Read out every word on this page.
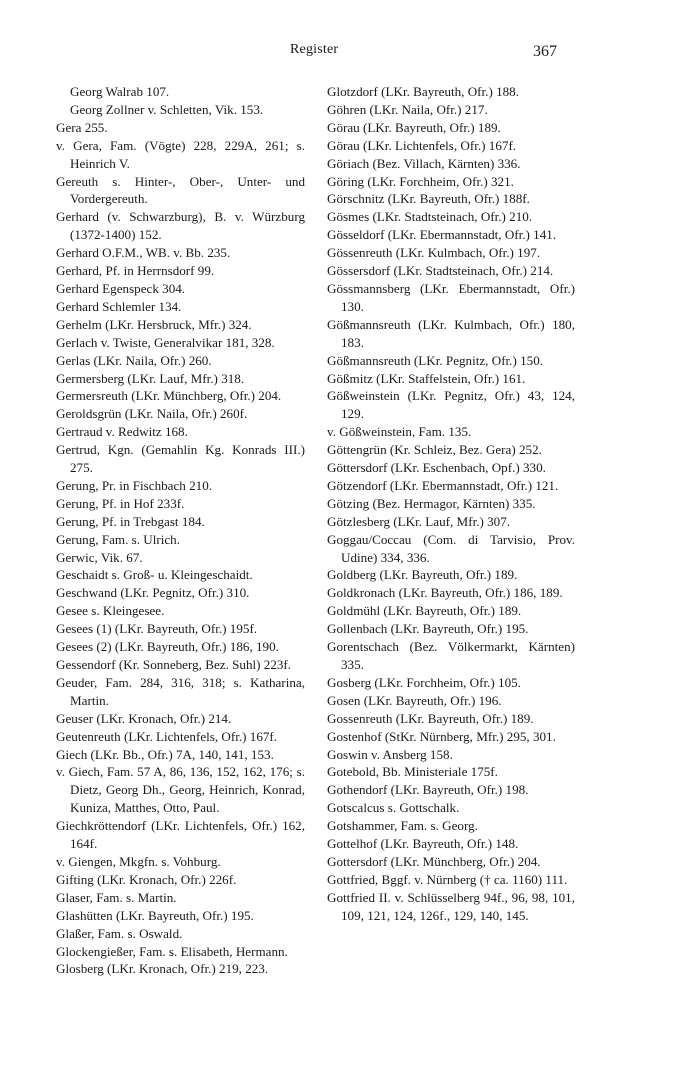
Register	367
Georg Walrab 107.
Georg Zollner v. Schletten, Vik. 153.
Gera 255.
v. Gera, Fam. (Vögte) 228, 229A, 261; s. Heinrich V.
Gereuth s. Hinter-, Ober-, Unter- und Vordergereuth.
Gerhard (v. Schwarzburg), B. v. Würzburg (1372-1400) 152.
Gerhard O.F.M., WB. v. Bb. 235.
Gerhard, Pf. in Herrnsdorf 99.
Gerhard Egenspeck 304.
Gerhard Schlemler 134.
Gerhelm (LKr. Hersbruck, Mfr.) 324.
Gerlach v. Twiste, Generalvikar 181, 328.
Gerlas (LKr. Naila, Ofr.) 260.
Germersberg (LKr. Lauf, Mfr.) 318.
Germersreuth (LKr. Münchberg, Ofr.) 204.
Geroldsgrün (LKr. Naila, Ofr.) 260f.
Gertraud v. Redwitz 168.
Gertrud, Kgn. (Gemahlin Kg. Konrads III.) 275.
Gerung, Pr. in Fischbach 210.
Gerung, Pf. in Hof 233f.
Gerung, Pf. in Trebgast 184.
Gerung, Fam. s. Ulrich.
Gerwic, Vik. 67.
Geschaidt s. Groß- u. Kleingeschaidt.
Geschwand (LKr. Pegnitz, Ofr.) 310.
Gesee s. Kleingesee.
Gesees (1) (LKr. Bayreuth, Ofr.) 195f.
Gesees (2) (LKr. Bayreuth, Ofr.) 186, 190.
Gessendorf (Kr. Sonneberg, Bez. Suhl) 223f.
Geuder, Fam. 284, 316, 318; s. Katharina, Martin.
Geuser (LKr. Kronach, Ofr.) 214.
Geutenreuth (LKr. Lichtenfels, Ofr.) 167f.
Giech (LKr. Bb., Ofr.) 7A, 140, 141, 153.
v. Giech, Fam. 57 A, 86, 136, 152, 162, 176; s. Dietz, Georg Dh., Georg, Heinrich, Konrad, Kuniza, Matthes, Otto, Paul.
Giechkröttendorf (LKr. Lichtenfels, Ofr.) 162, 164f.
v. Giengen, Mkgfn. s. Vohburg.
Gifting (LKr. Kronach, Ofr.) 226f.
Glaser, Fam. s. Martin.
Glashütten (LKr. Bayreuth, Ofr.) 195.
Glaßer, Fam. s. Oswald.
Glockengießer, Fam. s. Elisabeth, Hermann.
Glosberg (LKr. Kronach, Ofr.) 219, 223.
Glotzdorf (LKr. Bayreuth, Ofr.) 188.
Göhren (LKr. Naila, Ofr.) 217.
Görau (LKr. Bayreuth, Ofr.) 189.
Görau (LKr. Lichtenfels, Ofr.) 167f.
Göriach (Bez. Villach, Kärnten) 336.
Göring (LKr. Forchheim, Ofr.) 321.
Görschnitz (LKr. Bayreuth, Ofr.) 188f.
Gösmes (LKr. Stadtsteinach, Ofr.) 210.
Gösseldorf (LKr. Ebermannstadt, Ofr.) 141.
Gössenreuth (LKr. Kulmbach, Ofr.) 197.
Gössersdorf (LKr. Stadtsteinach, Ofr.) 214.
Gössmannsberg (LKr. Ebermannstadt, Ofr.) 130.
Gößmannsreuth (LKr. Kulmbach, Ofr.) 180, 183.
Gößmannsreuth (LKr. Pegnitz, Ofr.) 150.
Gößmitz (LKr. Staffelstein, Ofr.) 161.
Gößweinstein (LKr. Pegnitz, Ofr.) 43, 124, 129.
v. Gößweinstein, Fam. 135.
Göttengrün (Kr. Schleiz, Bez. Gera) 252.
Göttersdorf (LKr. Eschenbach, Opf.) 330.
Götzendorf (LKr. Ebermannstadt, Ofr.) 121.
Götzing (Bez. Hermagor, Kärnten) 335.
Götzlesberg (LKr. Lauf, Mfr.) 307.
Goggau/Coccau (Com. di Tarvisio, Prov. Udine) 334, 336.
Goldberg (LKr. Bayreuth, Ofr.) 189.
Goldkronach (LKr. Bayreuth, Ofr.) 186, 189.
Goldmühl (LKr. Bayreuth, Ofr.) 189.
Gollenbach (LKr. Bayreuth, Ofr.) 195.
Gorentschach (Bez. Völkermarkt, Kärnten) 335.
Gosberg (LKr. Forchheim, Ofr.) 105.
Gosen (LKr. Bayreuth, Ofr.) 196.
Gossenreuth (LKr. Bayreuth, Ofr.) 189.
Gostenhof (StKr. Nürnberg, Mfr.) 295, 301.
Goswin v. Ansberg 158.
Gotebold, Bb. Ministeriale 175f.
Gothendorf (LKr. Bayreuth, Ofr.) 198.
Gotscalcus s. Gottschalk.
Gotshammer, Fam. s. Georg.
Gottelhof (LKr. Bayreuth, Ofr.) 148.
Gottersdorf (LKr. Münchberg, Ofr.) 204.
Gottfried, Bggf. v. Nürnberg († ca. 1160) 111.
Gottfried II. v. Schlüsselberg 94f., 96, 98, 101, 109, 121, 124, 126f., 129, 140, 145.
